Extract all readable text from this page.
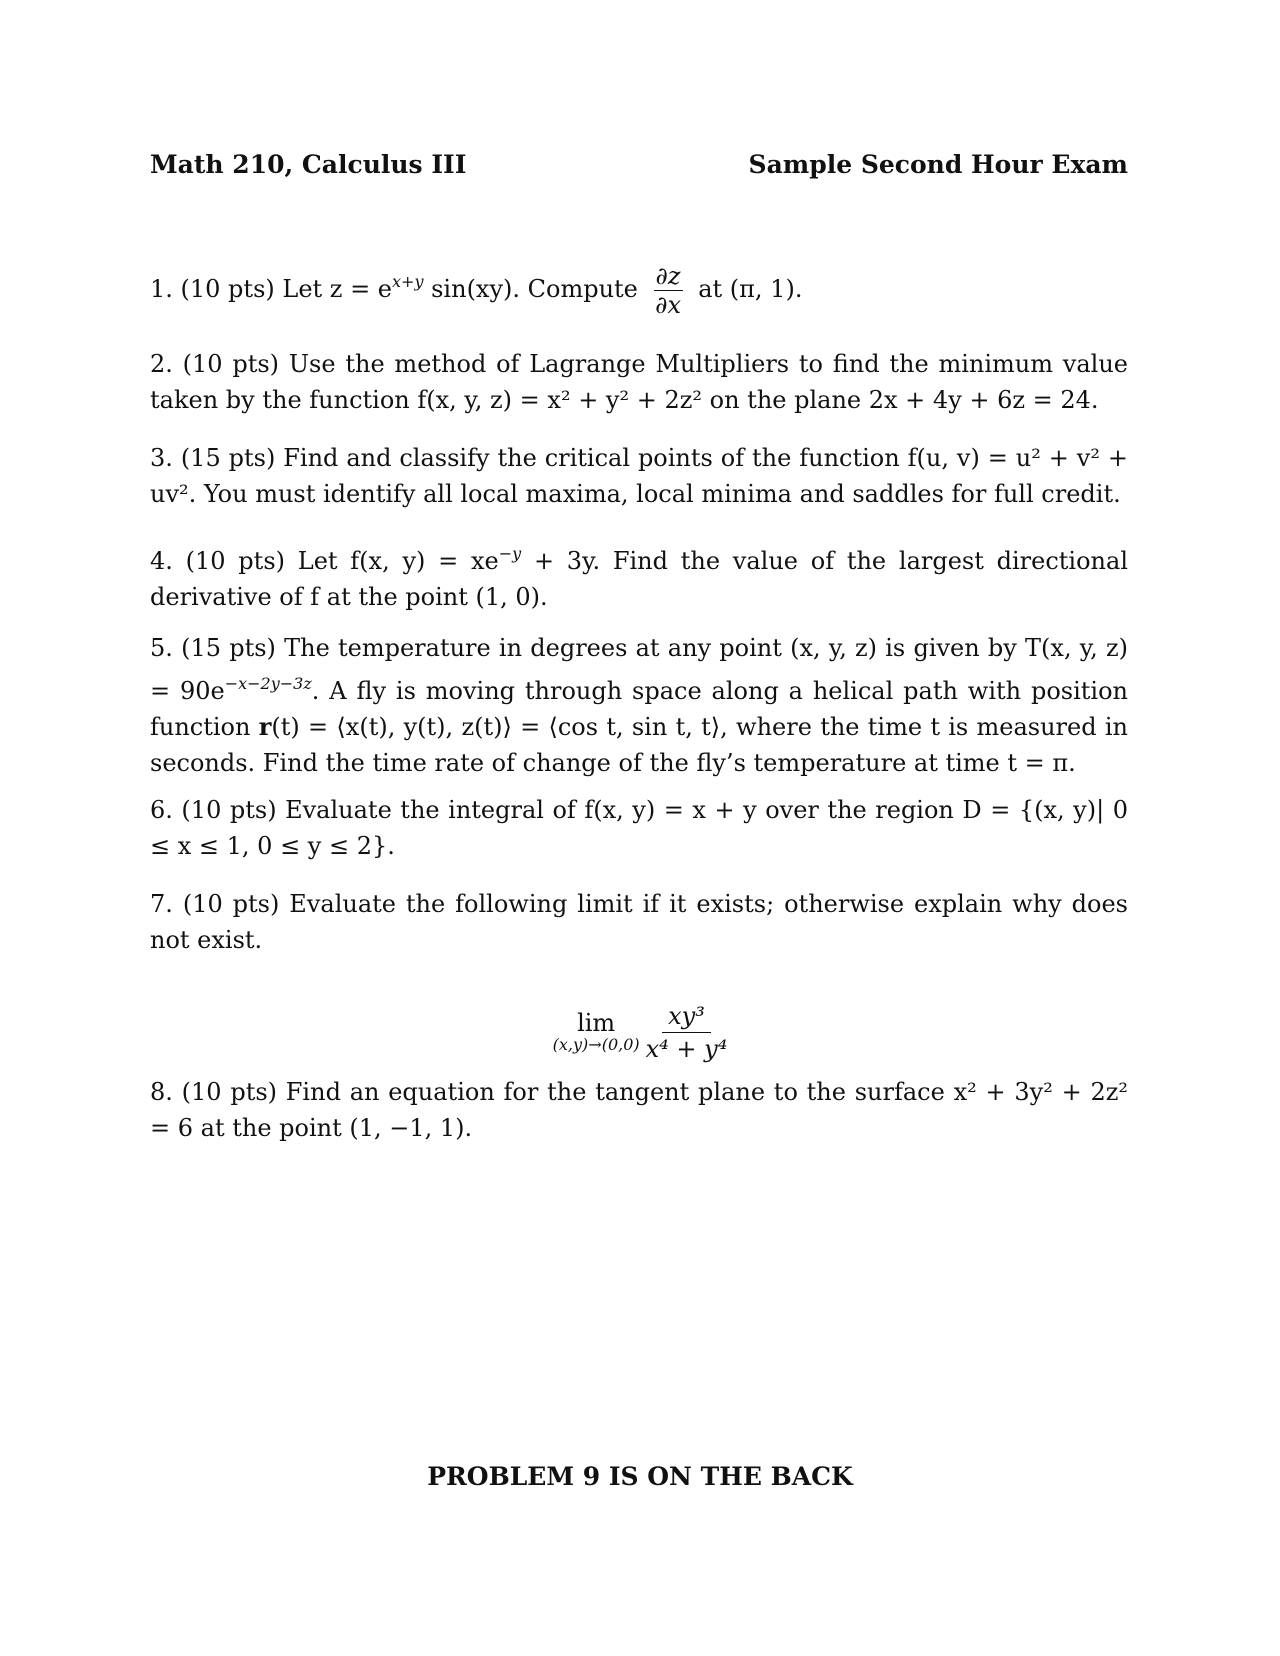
Math 210, Calculus III	Sample Second Hour Exam
1. (10 pts) Let $z = e^{x+y}$ sin(xy). Compute $\frac{\partial z}{\partial x}$ at (π, 1).
2. (10 pts) Use the method of Lagrange Multipliers to find the minimum value taken by the function f(x, y, z) = x² + y² + 2z² on the plane 2x + 4y + 6z = 24.
3. (15 pts) Find and classify the critical points of the function f(u, v) = u² + v² + uv². You must identify all local maxima, local minima and saddles for full credit.
4. (10 pts) Let f(x, $y) = xe^{-y} + 3y$. Find the value of the largest directional derivative of f at the point (1, 0).
5. (15 pts) The temperature in degrees at any point (x, y, z) is given by T(x, y, $z) = 90e^{-x-2y-3z}$. A fly is moving through space along a helical path with position function r(t) = ⟨x(t), y(t), z(t)⟩ = ⟨cos t, sin t, t⟩, where the time t is measured in seconds. Find the time rate of change of the fly’s temperature at time t = π.
6. (10 pts) Evaluate the integral of f(x, y) = x + y over the region D = {(x, y)| 0 ≤ x ≤ 1, 0 ≤ y ≤ 2}.
7. (10 pts) Evaluate the following limit if it exists; otherwise explain why does not exist.
lim
$(x,y)\to(0,0) \frac{\text{xy³}}{\text{x⁴ + y⁴}}$
8. (10 pts) Find an equation for the tangent plane to the surface x² + 3y² + 2z² = 6 at the point (1, −1, 1).
PROBLEM 9 IS ON THE BACK
